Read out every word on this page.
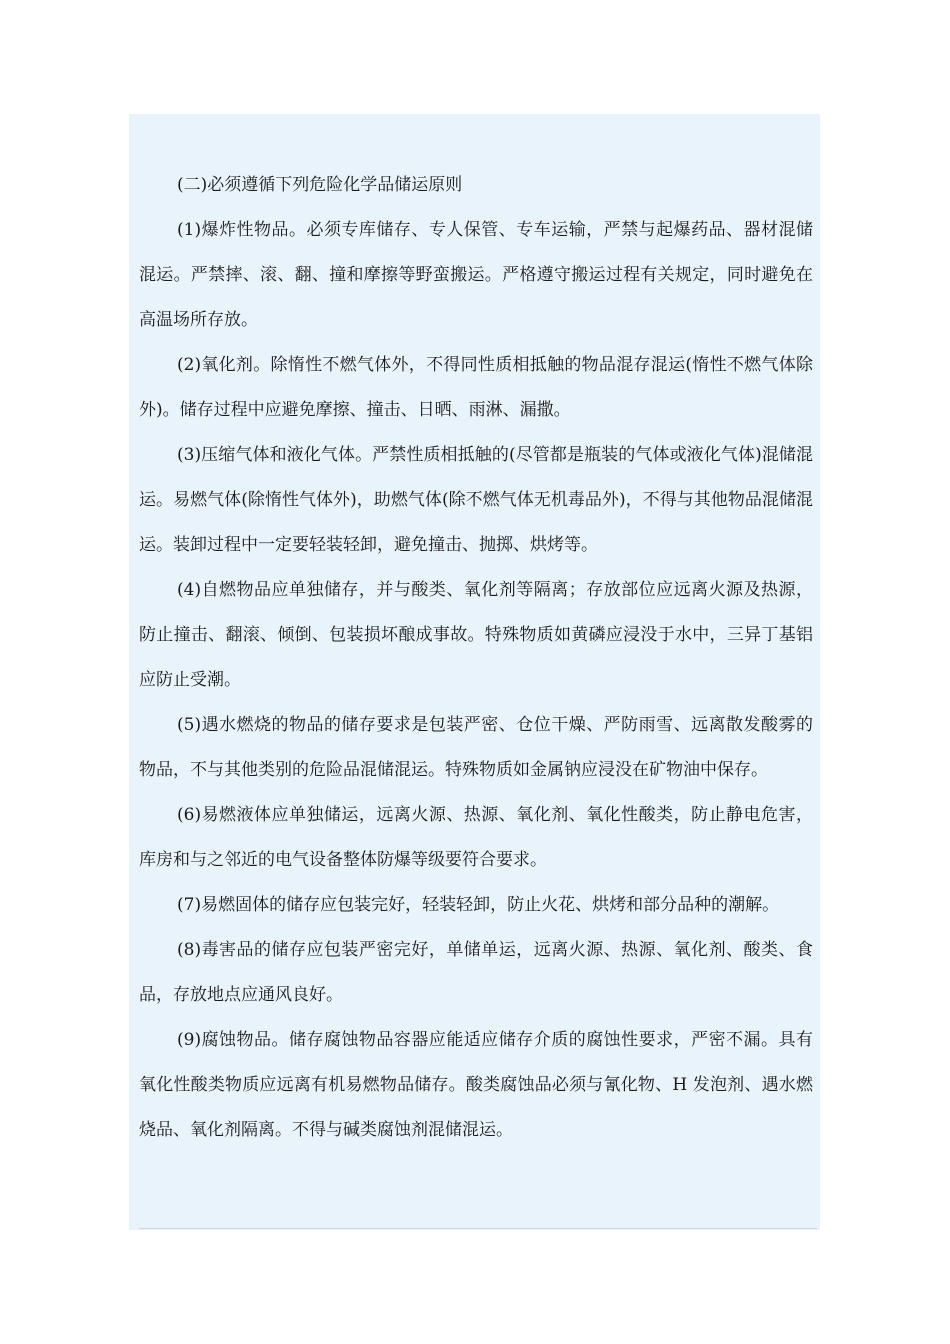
(二)必须遵循下列危险化学品储运原则

(1)爆炸性物品。必须专库储存、专人保管、专车运输，严禁与起爆药品、器材混储混运。严禁摔、滚、翻、撞和摩擦等野蛮搬运。严格遵守搬运过程有关规定，同时避免在高温场所存放。

(2)氧化剂。除惰性不燃气体外，不得同性质相抵触的物品混存混运(惰性不燃气体除外)。储存过程中应避免摩擦、撞击、日晒、雨淋、漏撒。

(3)压缩气体和液化气体。严禁性质相抵触的(尽管都是瓶装的气体或液化气体)混储混运。易燃气体(除惰性气体外)，助燃气体(除不燃气体无机毒品外)，不得与其他物品混储混运。装卸过程中一定要轻装轻卸，避免撞击、抛掷、烘烤等。

(4)自燃物品应单独储存，并与酸类、氧化剂等隔离；存放部位应远离火源及热源，防止撞击、翻滚、倾倒、包装损坏酿成事故。特殊物质如黄磷应浸没于水中，三异丁基铝应防止受潮。

(5)遇水燃烧的物品的储存要求是包装严密、仓位干燥、严防雨雪、远离散发酸雾的物品，不与其他类别的危险品混储混运。特殊物质如金属钠应浸没在矿物油中保存。

(6)易燃液体应单独储运，远离火源、热源、氧化剂、氧化性酸类，防止静电危害，库房和与之邻近的电气设备整体防爆等级要符合要求。

(7)易燃固体的储存应包装完好，轻装轻卸，防止火花、烘烤和部分品种的潮解。

(8)毒害品的储存应包装严密完好，单储单运，远离火源、热源、氧化剂、酸类、食品，存放地点应通风良好。

(9)腐蚀物品。储存腐蚀物品容器应能适应储存介质的腐蚀性要求，严密不漏。具有氧化性酸类物质应远离有机易燃物品储存。酸类腐蚀品必须与氰化物、H 发泡剂、遇水燃烧品、氧化剂隔离。不得与碱类腐蚀剂混储混运。
